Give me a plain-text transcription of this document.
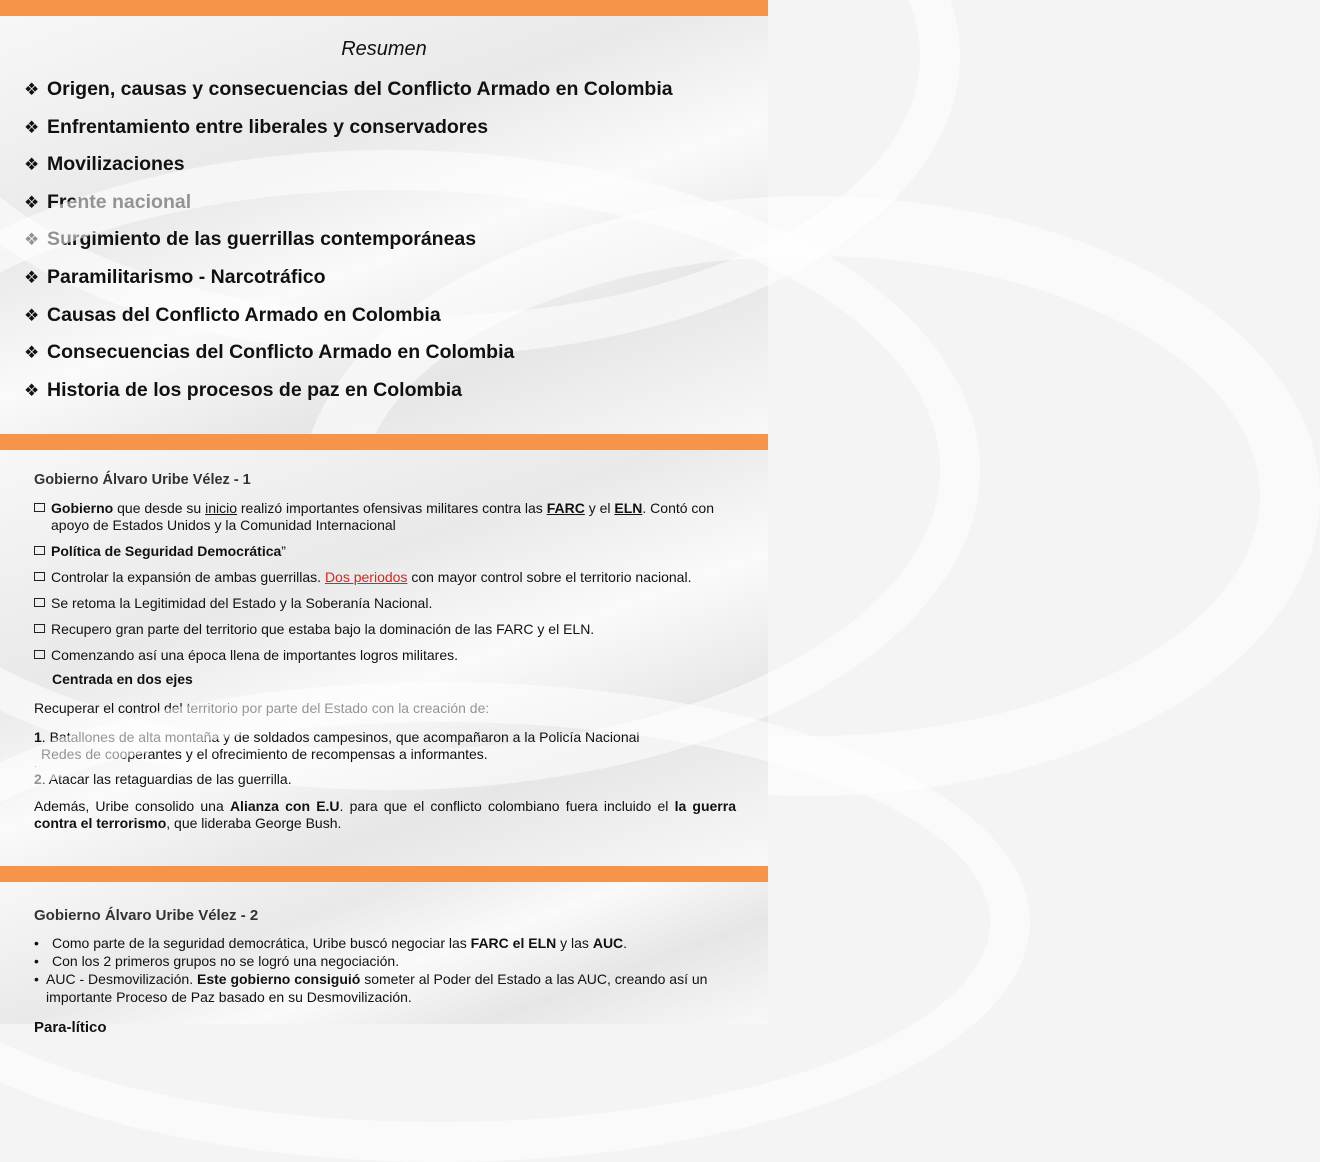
Resumen
❖ Origen, causas y consecuencias del Conflicto Armado en Colombia
❖ Enfrentamiento entre liberales y conservadores
❖ Movilizaciones
❖ Frente nacional
❖ Surgimiento de las guerrillas contemporáneas
❖ Paramilitarismo - Narcotráfico
❖ Causas del Conflicto Armado en Colombia
❖ Consecuencias del Conflicto Armado en Colombia
❖ Historia de los procesos de paz en Colombia
Gobierno Álvaro Uribe Vélez - 1
Gobierno que desde su inicio realizó importantes ofensivas militares contra las FARC y el ELN. Contó con apoyo de Estados Unidos y la Comunidad Internacional
Política de Seguridad Democrática”
Controlar la expansión de ambas guerrillas. Dos periodos con mayor control sobre el territorio nacional.
Se retoma la Legitimidad del Estado y la Soberanía Nacional.
Recupero gran parte del territorio que estaba bajo la dominación de las FARC y el ELN.
Comenzando así una época llena de importantes logros militares.
Centrada en dos ejes
Recuperar el control del territorio por parte del Estado con la creación de:
1. Batallones de alta montaña y de soldados campesinos, que acompañaron a la Policía Nacional
Redes de cooperantes y el ofrecimiento de recompensas a informantes.
·
2. Atacar las retaguardias de las guerrilla.
Además, Uribe consolido una Alianza con E.U. para que el conflicto colombiano fuera incluido el la guerra contra el terrorismo, que lideraba George Bush.
Gobierno Álvaro Uribe Vélez - 2
• Como parte de la seguridad democrática, Uribe buscó negociar las FARC el ELN y las AUC.
• Con los 2 primeros grupos no se logró una negociación.
• AUC - Desmovilización. Este gobierno consiguió someter al Poder del Estado a las AUC, creando así un importante Proceso de Paz basado en su Desmovilización.
Para-lítico
